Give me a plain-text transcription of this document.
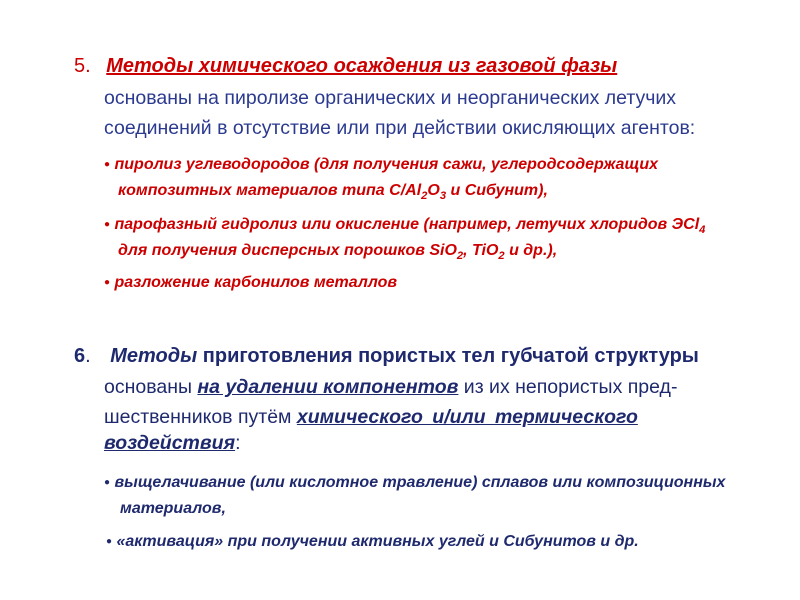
5. Методы химического осаждения из газовой фазы
основаны на пиролизе органических и неорганических летучих
соединений в отсутствие или при действии окисляющих агентов:
● пиролиз углеводородов (для получения сажи, углеродсодержащих
композитных материалов типа $C/Al_2O_3$ и Сибунит),
● парофазный гидролиз или окисление (например, летучих хлоридов ЭCl$_4$
для получения дисперсных порошков SiO$_2$, TiO$_2$ и др.),
● разложение карбонилов металлов
6. Методы приготовления пористых тел губчатой структуры
основаны на удалении компонентов из их непористых пред-
шественников путём химического и/или термического
воздействия:
● выщелачивание (или кислотное травление) сплавов или композиционных
материалов,
● «активация» при получении активных углей и Сибунитов и др.
